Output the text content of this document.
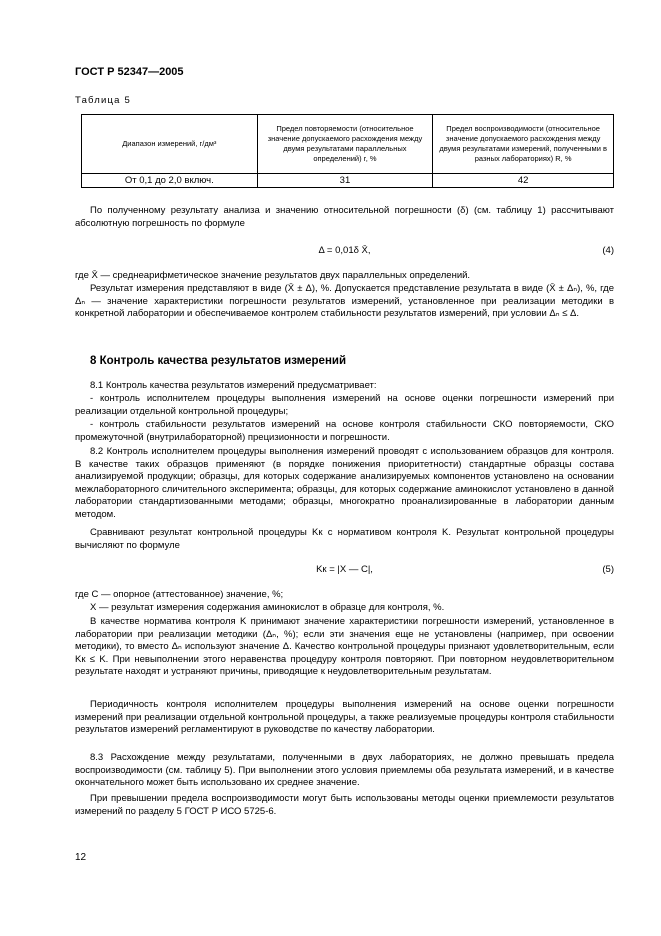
ГОСТ Р 52347—2005
Таблица 5
Диапазон измерений, г/дм³	Предел повторяемости (относительное значение допускаемого расхождения между двумя результатами параллельных определений) r, %	Предел воспроизводимости (относительное значение допускаемого расхождения между двумя результатами измерений, полученными в разных лабораториях) R, %
От 0,1 до 2,0 включ.	31	42

По полученному результату анализа и значению относительной погрешности (δ) (см. таблицу 1) рассчитывают абсолютную погрешность по формуле

Δ = 0,01δ X̄,	(4)

где X̄ — среднеарифметическое значение результатов двух параллельных определений.

Результат измерения представляют в виде (X̄ ± Δ), %. Допускается представление результата в виде (X̄ ± Δₙ), %, где Δₙ — значение характеристики погрешности результатов измерений, установленное при реализации методики в конкретной лаборатории и обеспечиваемое контролем стабильности результатов измерений, при условии Δₙ ≤ Δ.

8 Контроль качества результатов измерений

8.1 Контроль качества результатов измерений предусматривает:

- контроль исполнителем процедуры выполнения измерений на основе оценки погрешности измерений при реализации отдельной контрольной процедуры;

- контроль стабильности результатов измерений на основе контроля стабильности СКО повторяемости, СКО промежуточной (внутрилабораторной) прецизионности и погрешности.

8.2 Контроль исполнителем процедуры выполнения измерений проводят с использованием образцов для контроля. В качестве таких образцов применяют (в порядке понижения приоритетности) стандартные образцы состава анализируемой продукции; образцы, для которых содержание анализируемых компонентов установлено на основании межлабораторного сличительного эксперимента; образцы, для которых содержание аминокислот установлено в данной лаборатории стандартизованными методами; образцы, многократно проанализированные в лаборатории данным методом.

Сравнивают результат контрольной процедуры Kк с нормативом контроля K. Результат контрольной процедуры вычисляют по формуле

Kк = |X — C|,	(5)

где C — опорное (аттестованное) значение, %;

X — результат измерения содержания аминокислот в образце для контроля, %.

В качестве норматива контроля K принимают значение характеристики погрешности измерений, установленное в лаборатории при реализации методики (Δₙ, %); если эти значения еще не установлены (например, при освоении методики), то вместо Δₙ используют значение Δ. Качество контрольной процедуры признают удовлетворительным, если Kк ≤ K. При невыполнении этого неравенства процедуру контроля повторяют. При повторном неудовлетворительном результате находят и устраняют причины, приводящие к неудовлетворительным результатам.

Периодичность контроля исполнителем процедуры выполнения измерений на основе оценки погрешности измерений при реализации отдельной контрольной процедуры, а также реализуемые процедуры контроля стабильности результатов измерений регламентируют в руководстве по качеству лаборатории.

8.3 Расхождение между результатами, полученными в двух лабораториях, не должно превышать предела воспроизводимости (см. таблицу 5). При выполнении этого условия приемлемы оба результата измерений, и в качестве окончательного может быть использовано их среднее значение.

При превышении предела воспроизводимости могут быть использованы методы оценки приемлемости результатов измерений по разделу 5 ГОСТ Р ИСО 5725-6.

12
